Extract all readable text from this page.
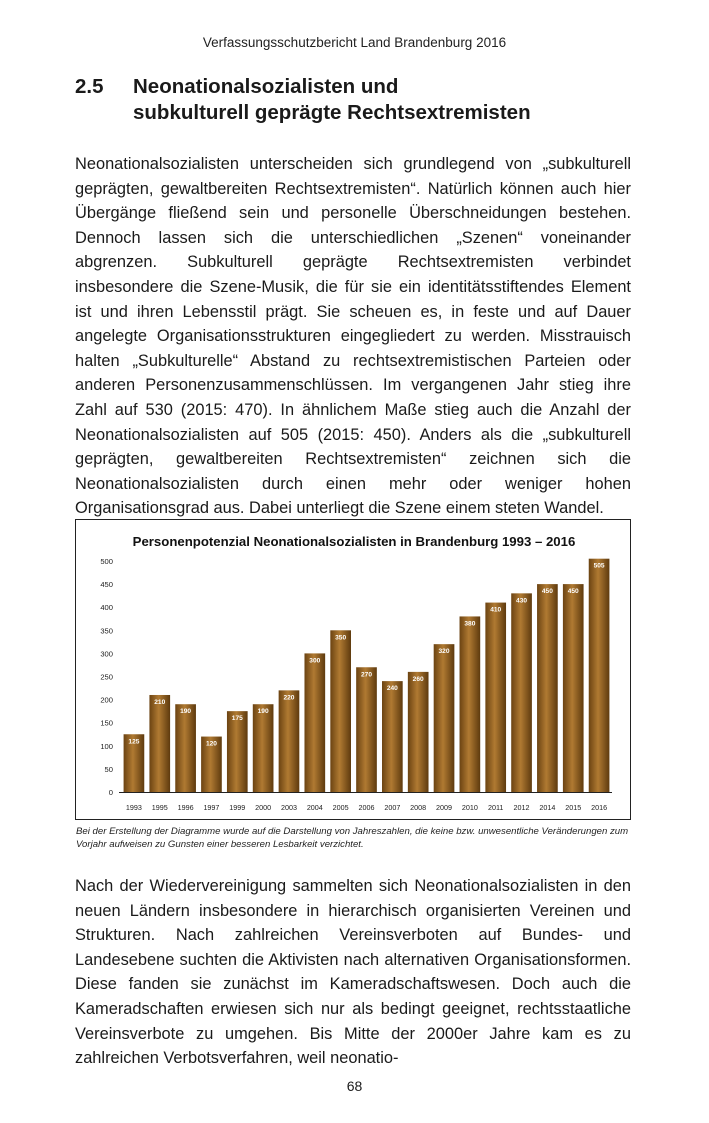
Verfassungsschutzbericht Land Brandenburg 2016
2.5 Neonationalsozialisten und
subkulturell geprägte Rechtsextremisten

Neonationalsozialisten unterscheiden sich grundlegend von „subkulturell geprägten, gewaltbereiten Rechtsextremisten“. Natürlich können auch hier Übergänge fließend sein und personelle Überschneidungen bestehen. Dennoch lassen sich die unterschiedlichen „Szenen“ voneinander abgrenzen. Subkulturell geprägte Rechtsextremisten verbindet insbesondere die Szene-Musik, die für sie ein identitätsstiftendes Element ist und ihren Lebensstil prägt. Sie scheuen es, in feste und auf Dauer angelegte Organisationsstrukturen eingegliedert zu werden. Misstrauisch halten „Subkulturelle“ Abstand zu rechtsextremistischen Parteien oder anderen Personenzusammenschlüssen. Im vergangenen Jahr stieg ihre Zahl auf 530 (2015: 470). In ähnlichem Maße stieg auch die Anzahl der Neonationalsozialisten auf 505 (2015: 450). Anders als die „subkulturell geprägten, gewaltbereiten Rechtsextremisten“ zeichnen sich die Neonationalsozialisten durch einen mehr oder weniger hohen Organisationsgrad aus. Dabei unterliegt die Szene einem steten Wandel.

Personenpotenzial Neonationalsozialisten in Brandenburg 1993 – 2016
0
50
100
150
200
250
300
350
400
450
500
125
210
190
120
175
190
220
300
350
270
240
260
320
380
410
430
450 450
505
1993 1995 1996 1997 1999 2000 2003 2004 2005 2006 2007 2008 2009 2010 2011 2012 2014 2015 2016
Bei der Erstellung der Diagramme wurde auf die Darstellung von Jahreszahlen, die keine bzw. unwesentliche Veränderungen zum Vorjahr aufweisen zu Gunsten einer besseren Lesbarkeit verzichtet.

Nach der Wiedervereinigung sammelten sich Neonationalsozialisten in den neuen Ländern insbesondere in hierarchisch organisierten Vereinen und Strukturen. Nach zahlreichen Vereinsverboten auf Bundes- und Landesebene suchten die Aktivisten nach alternativen Organisationsformen. Diese fanden sie zunächst im Kameradschaftswesen. Doch auch die Kameradschaften erwiesen sich nur als bedingt geeignet, rechtsstaatliche Vereinsverbote zu umgehen. Bis Mitte der 2000er Jahre kam es zu zahlreichen Verbotsverfahren, weil neonatio-

68
